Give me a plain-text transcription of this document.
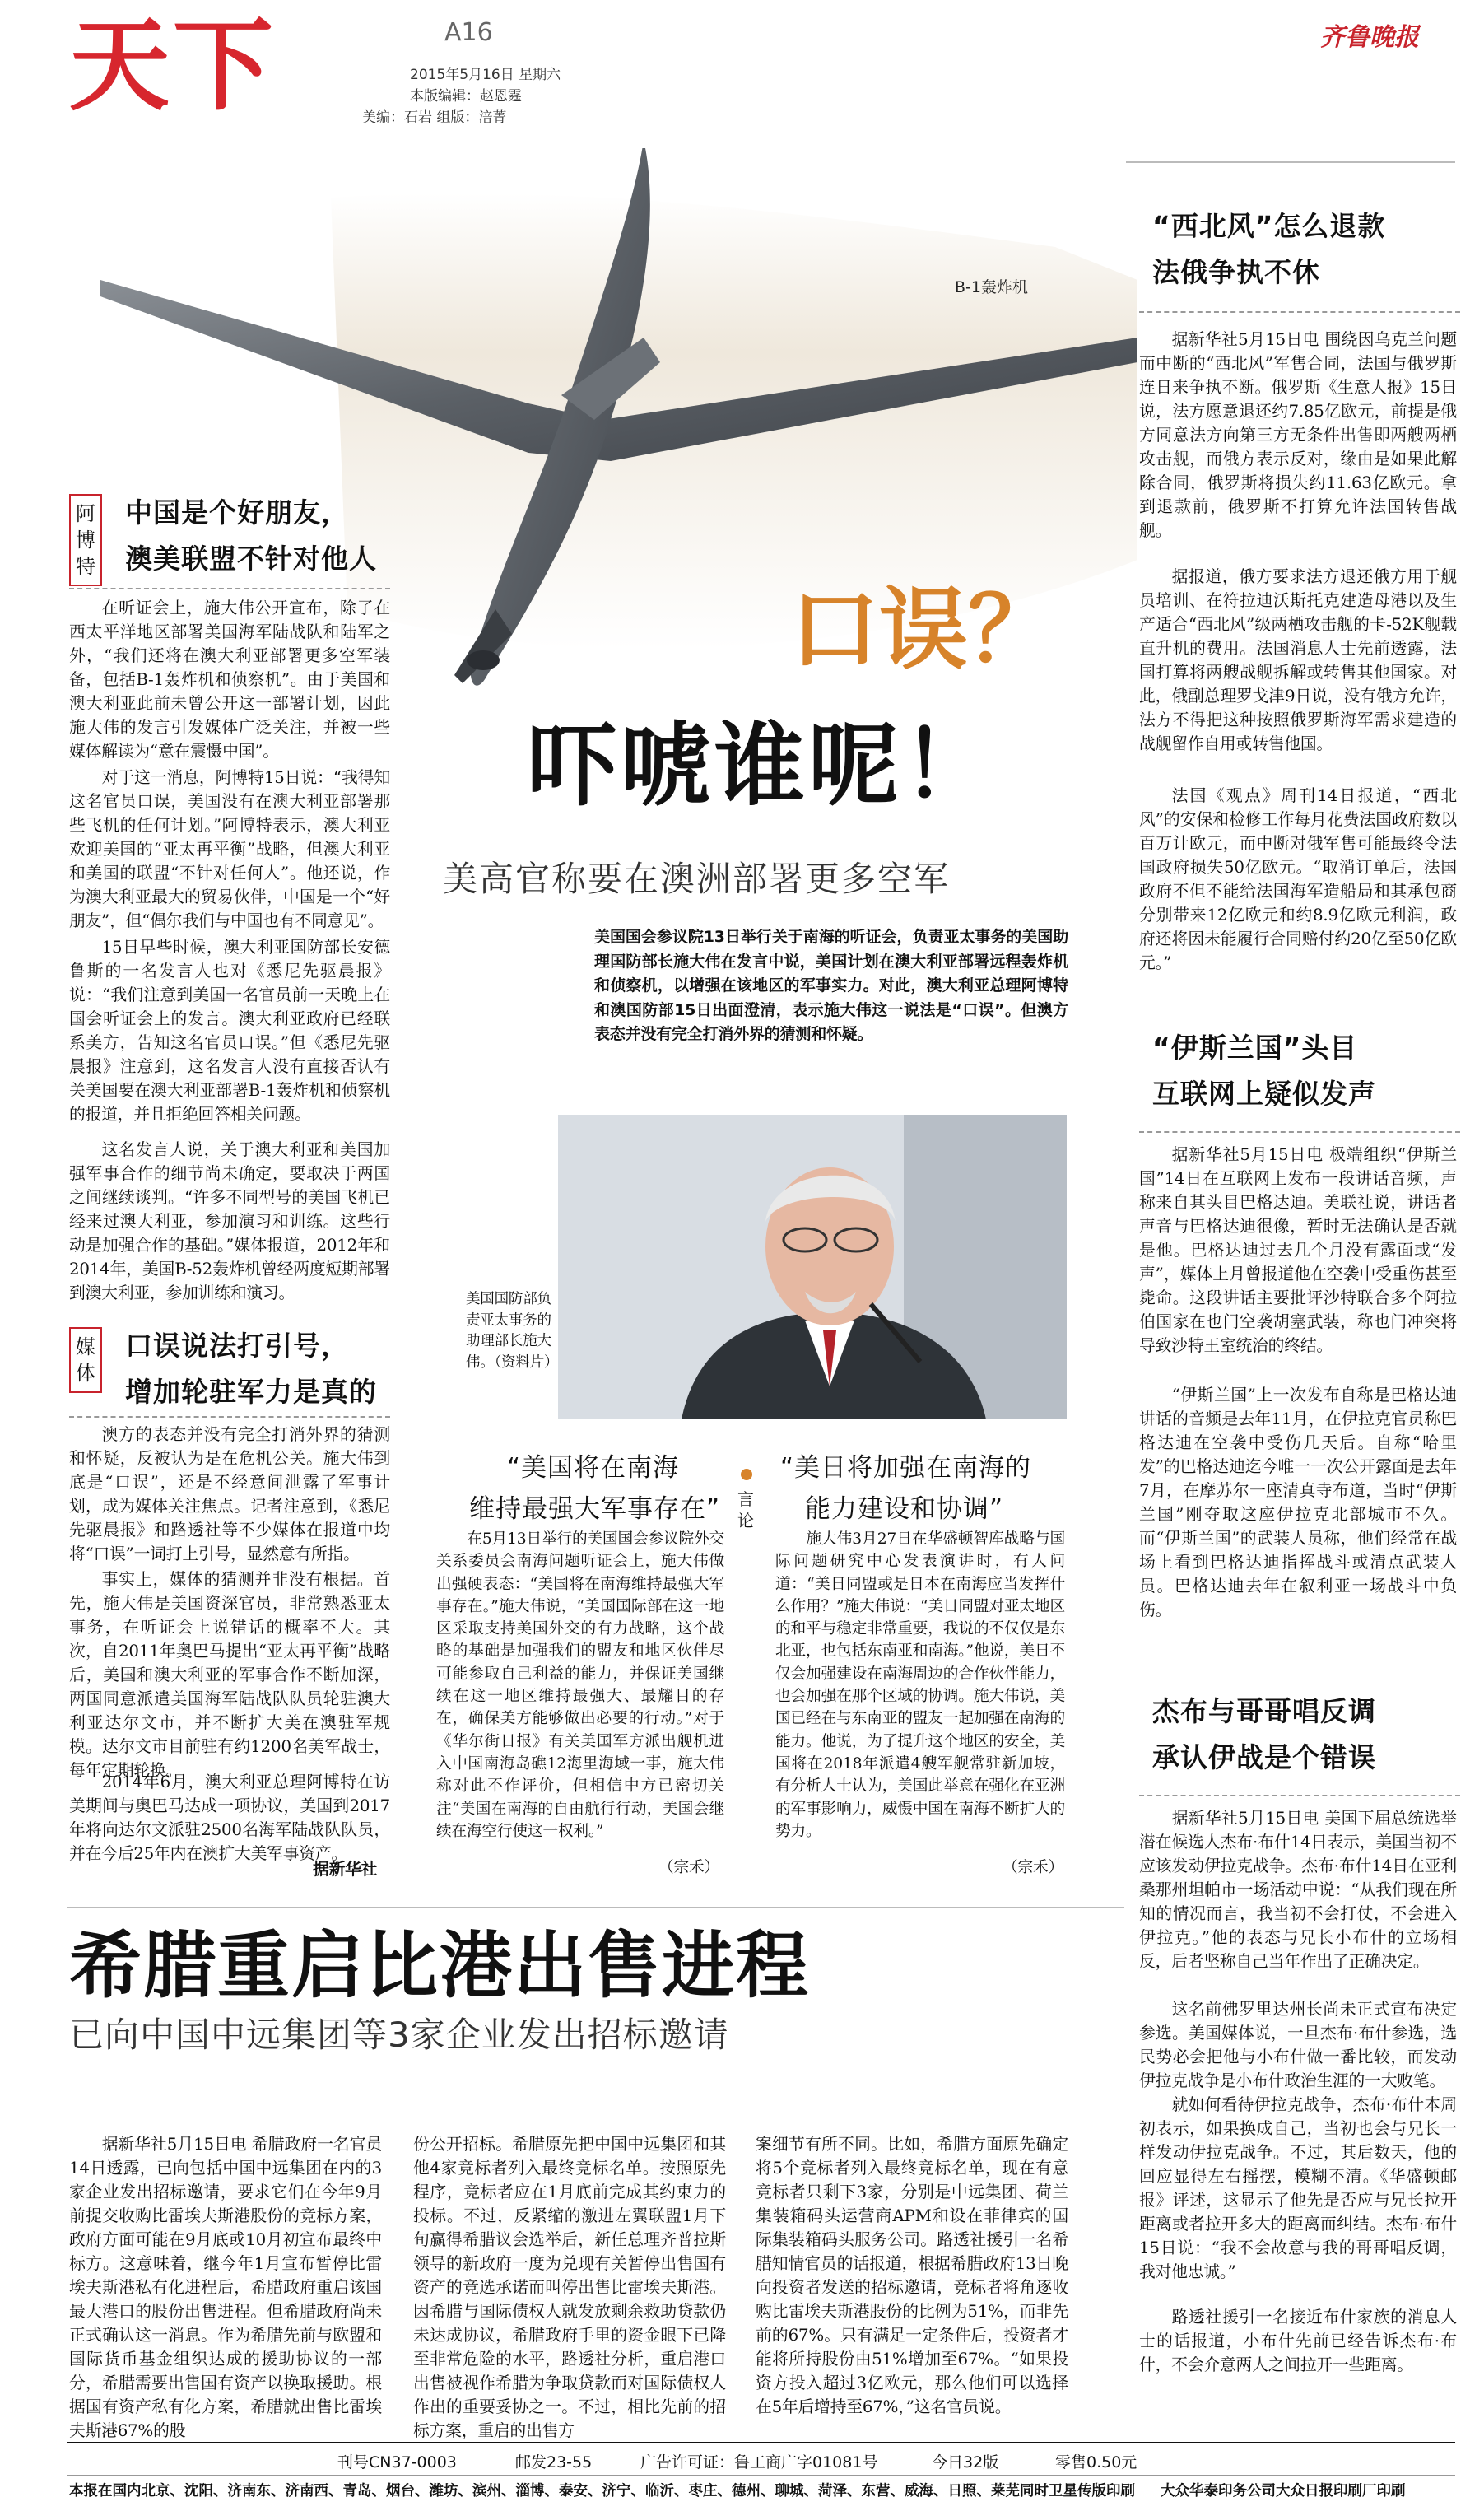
天下	A16
2015年5月16日 星期六
本版编辑：赵恩霆
美编：石岩 组版：涪菁
齐鲁晚报
B-1轰炸机
口误？
吓唬谁呢！
美高官称要在澳洲部署更多空军
美国国会参议院13日举行关于南海的听证会，负责亚太事务的美国助理国防部长施大伟在发言中说，美国计划在澳大利亚部署远程轰炸机和侦察机，以增强在该地区的军事实力。对此，澳大利亚总理阿博特和澳国防部15日出面澄清，表示施大伟这一说法是“口误”。但澳方表态并没有完全打消外界的猜测和怀疑。
美国国防部负责亚太事务的助理部长施大伟。（资料片）
阿博特
中国是个好朋友，
澳美联盟不针对他人
在听证会上，施大伟公开宣布，除了在西太平洋地区部署美国海军陆战队和陆军之外，“我们还将在澳大利亚部署更多空军装备，包括B-1轰炸机和侦察机”。由于美国和澳大利亚此前未曾公开这一部署计划，因此施大伟的发言引发媒体广泛关注，并被一些媒体解读为“意在震慑中国”。
对于这一消息，阿博特15日说：“我得知这名官员口误，美国没有在澳大利亚部署那些飞机的任何计划。”阿博特表示，澳大利亚欢迎美国的“亚太再平衡”战略，但澳大利亚和美国的联盟“不针对任何人”。他还说，作为澳大利亚最大的贸易伙伴，中国是一个“好朋友”，但“偶尔我们与中国也有不同意见”。
15日早些时候，澳大利亚国防部长安德鲁斯的一名发言人也对《悉尼先驱晨报》说：“我们注意到美国一名官员前一天晚上在国会听证会上的发言。澳大利亚政府已经联系美方，告知这名官员口误。”但《悉尼先驱晨报》注意到，这名发言人没有直接否认有关美国要在澳大利亚部署B-1轰炸机和侦察机的报道，并且拒绝回答相关问题。
这名发言人说，关于澳大利亚和美国加强军事合作的细节尚未确定，要取决于两国之间继续谈判。“许多不同型号的美国飞机已经来过澳大利亚，参加演习和训练。这些行动是加强合作的基础。”媒体报道，2012年和2014年，美国B-52轰炸机曾经两度短期部署到澳大利亚，参加训练和演习。
媒体
口误说法打引号，
增加轮驻军力是真的
澳方的表态并没有完全打消外界的猜测和怀疑，反被认为是在危机公关。施大伟到底是“口误”，还是不经意间泄露了军事计划，成为媒体关注焦点。记者注意到，《悉尼先驱晨报》和路透社等不少媒体在报道中均将“口误”一词打上引号，显然意有所指。
事实上，媒体的猜测并非没有根据。首先，施大伟是美国资深官员，非常熟悉亚太事务，在听证会上说错话的概率不大。其次，自2011年奥巴马提出“亚太再平衡”战略后，美国和澳大利亚的军事合作不断加深，两国同意派遣美国海军陆战队队员轮驻澳大利亚达尔文市，并不断扩大美在澳驻军规模。达尔文市目前驻有约1200名美军战士，每年定期轮换。
2014年6月，澳大利亚总理阿博特在访美期间与奥巴马达成一项协议，美国到2017年将向达尔文派驻2500名海军陆战队队员，并在今后25年内在澳扩大美军事资产。
据新华社
“美国将在南海
维持最强大军事存在” 言论
在5月13日举行的美国国会参议院外交关系委员会南海问题听证会上，施大伟做出强硬表态：“美国将在南海维持最强大军事存在。”施大伟说，“美国国际部在这一地区采取支持美国外交的有力战略，这个战略的基础是加强我们的盟友和地区伙伴尽可能参取自己利益的能力，并保证美国继续在这一地区维持最强大、最耀目的存在，确保美方能够做出必要的行动。”对于《华尔街日报》有关美国军方派出舰机进入中国南海岛礁12海里海域一事，施大伟称对此不作评价，但相信中方已密切关注“美国在南海的自由航行行动，美国会继续在海空行使这一权利。”
（宗禾）
“美日将加强在南海的
能力建设和协调”
施大伟3月27日在华盛顿智库战略与国际问题研究中心发表演讲时，有人问道：“美日同盟或是日本在南海应当发挥什么作用？”施大伟说：“美日同盟对亚太地区的和平与稳定非常重要，我说的不仅仅是东北亚，也包括东南亚和南海。”他说，美日不仅会加强建设在南海周边的合作伙伴能力，也会加强在那个区域的协调。施大伟说，美国已经在与东南亚的盟友一起加强在南海的能力。他说，为了提升这个地区的安全，美国将在2018年派遣4艘军舰常驻新加坡，有分析人士认为，美国此举意在强化在亚洲的军事影响力，威慑中国在南海不断扩大的势力。
（宗禾）
“西北风”怎么退款
法俄争执不休
据新华社5月15日电 围绕因乌克兰问题而中断的“西北风”军售合同，法国与俄罗斯连日来争执不断。俄罗斯《生意人报》15日说，法方愿意退还约7.85亿欧元，前提是俄方同意法方向第三方无条件出售即两艘两栖攻击舰，而俄方表示反对，缘由是如果此解除合同，俄罗斯将损失约11.63亿欧元。拿到退款前，俄罗斯不打算允许法国转售战舰。
据报道，俄方要求法方退还俄方用于舰员培训、在符拉迪沃斯托克建造母港以及生产适合“西北风”级两栖攻击舰的卡-52K舰载直升机的费用。法国消息人士先前透露，法国打算将两艘战舰拆解或转售其他国家。对此，俄副总理罗戈津9日说，没有俄方允许，法方不得把这种按照俄罗斯海军需求建造的战舰留作自用或转售他国。
法国《观点》周刊14日报道，“西北风”的安保和检修工作每月花费法国政府数以百万计欧元，而中断对俄军售可能最终令法国政府损失50亿欧元。“取消订单后，法国政府不但不能给法国海军造船局和其承包商分别带来12亿欧元和约8.9亿欧元利润，政府还将因未能履行合同赔付约20亿至50亿欧元。”
“伊斯兰国”头目
互联网上疑似发声
据新华社5月15日电 极端组织“伊斯兰国”14日在互联网上发布一段讲话音频，声称来自其头目巴格达迪。美联社说，讲话者声音与巴格达迪很像，暂时无法确认是否就是他。巴格达迪过去几个月没有露面或“发声”，媒体上月曾报道他在空袭中受重伤甚至毙命。这段讲话主要批评沙特联合多个阿拉伯国家在也门空袭胡塞武装，称也门冲突将导致沙特王室统治的终结。
“伊斯兰国”上一次发布自称是巴格达迪讲话的音频是去年11月，在伊拉克官员称巴格达迪在空袭中受伤几天后。自称“哈里发”的巴格达迪迄今唯一一次公开露面是去年7月，在摩苏尔一座清真寺布道，当时“伊斯兰国”刚夺取这座伊拉克北部城市不久。而“伊斯兰国”的武装人员称，他们经常在战场上看到巴格达迪指挥战斗或清点武装人员。巴格达迪去年在叙利亚一场战斗中负伤。
杰布与哥哥唱反调
承认伊战是个错误
据新华社5月15日电 美国下届总统选举潜在候选人杰布·布什14日表示，美国当初不应该发动伊拉克战争。杰布·布什14日在亚利桑那州坦帕市一场活动中说：“从我们现在所知的情况而言，我当初不会打仗，不会进入伊拉克。”他的表态与兄长小布什的立场相反，后者坚称自己当年作出了正确决定。
这名前佛罗里达州长尚未正式宣布决定参选。美国媒体说，一旦杰布·布什参选，选民势必会把他与小布什做一番比较，而发动伊拉克战争是小布什政治生涯的一大败笔。
就如何看待伊拉克战争，杰布·布什本周初表示，如果换成自己，当初也会与兄长一样发动伊拉克战争。不过，其后数天，他的回应显得左右摇摆，模糊不清。《华盛顿邮报》评述，这显示了他先是否应与兄长拉开距离或者拉开多大的距离而纠结。杰布·布什15日说：“我不会故意与我的哥哥唱反调，我对他忠诚。”
路透社援引一名接近布什家族的消息人士的话报道，小布什先前已经告诉杰布·布什，不会介意两人之间拉开一些距离。
希腊重启比港出售进程
已向中国中远集团等3家企业发出招标邀请
据新华社5月15日电 希腊政府一名官员14日透露，已向包括中国中远集团在内的3家企业发出招标邀请，要求它们在今年9月前提交收购比雷埃夫斯港股份的竞标方案，政府方面可能在9月底或10月初宣布最终中标方。这意味着，继今年1月宣布暂停比雷埃夫斯港私有化进程后，希腊政府重启该国最大港口的股份出售进程。但希腊政府尚未正式确认这一消息。作为希腊先前与欧盟和国际货币基金组织达成的援助协议的一部分，希腊需要出售国有资产以换取援助。根据国有资产私有化方案，希腊就出售比雷埃夫斯港67%的股
份公开招标。希腊原先把中国中远集团和其他4家竞标者列入最终竞标名单。按照原先程序，竞标者应在1月底前完成其约束力的投标。不过，反紧缩的激进左翼联盟1月下旬赢得希腊议会选举后，新任总理齐普拉斯领导的新政府一度为兑现有关暂停出售国有资产的竞选承诺而叫停出售比雷埃夫斯港。因希腊与国际债权人就发放剩余救助贷款仍未达成协议，希腊政府手里的资金眼下已降至非常危险的水平，路透社分析，重启港口出售被视作希腊为争取贷款而对国际债权人作出的重要妥协之一。不过，相比先前的招标方案，重启的出售方
案细节有所不同。比如，希腊方面原先确定将5个竞标者列入最终竞标名单，现在有意竞标者只剩下3家，分别是中远集团、荷兰集装箱码头运营商APM和设在菲律宾的国际集装箱码头服务公司。路透社援引一名希腊知情官员的话报道，根据希腊政府13日晚向投资者发送的招标邀请，竞标者将角逐收购比雷埃夫斯港股份的比例为51%，而非先前的67%。只有满足一定条件后，投资者才能将所持股份由51%增加至67%。“如果投资方投入超过3亿欧元，那么他们可以选择在5年后增持至67%，”这名官员说。
刊号CN37-0003	邮发23-55	广告许可证：鲁工商广字01081号	今日32版	零售0.50元
本报在国内北京、沈阳、济南东、济南西、青岛、烟台、潍坊、滨州、淄博、泰安、济宁、临沂、枣庄、德州、聊城、菏泽、东营、威海、日照、莱芜同时卫星传版印刷 大众华泰印务公司大众日报印刷厂印刷
